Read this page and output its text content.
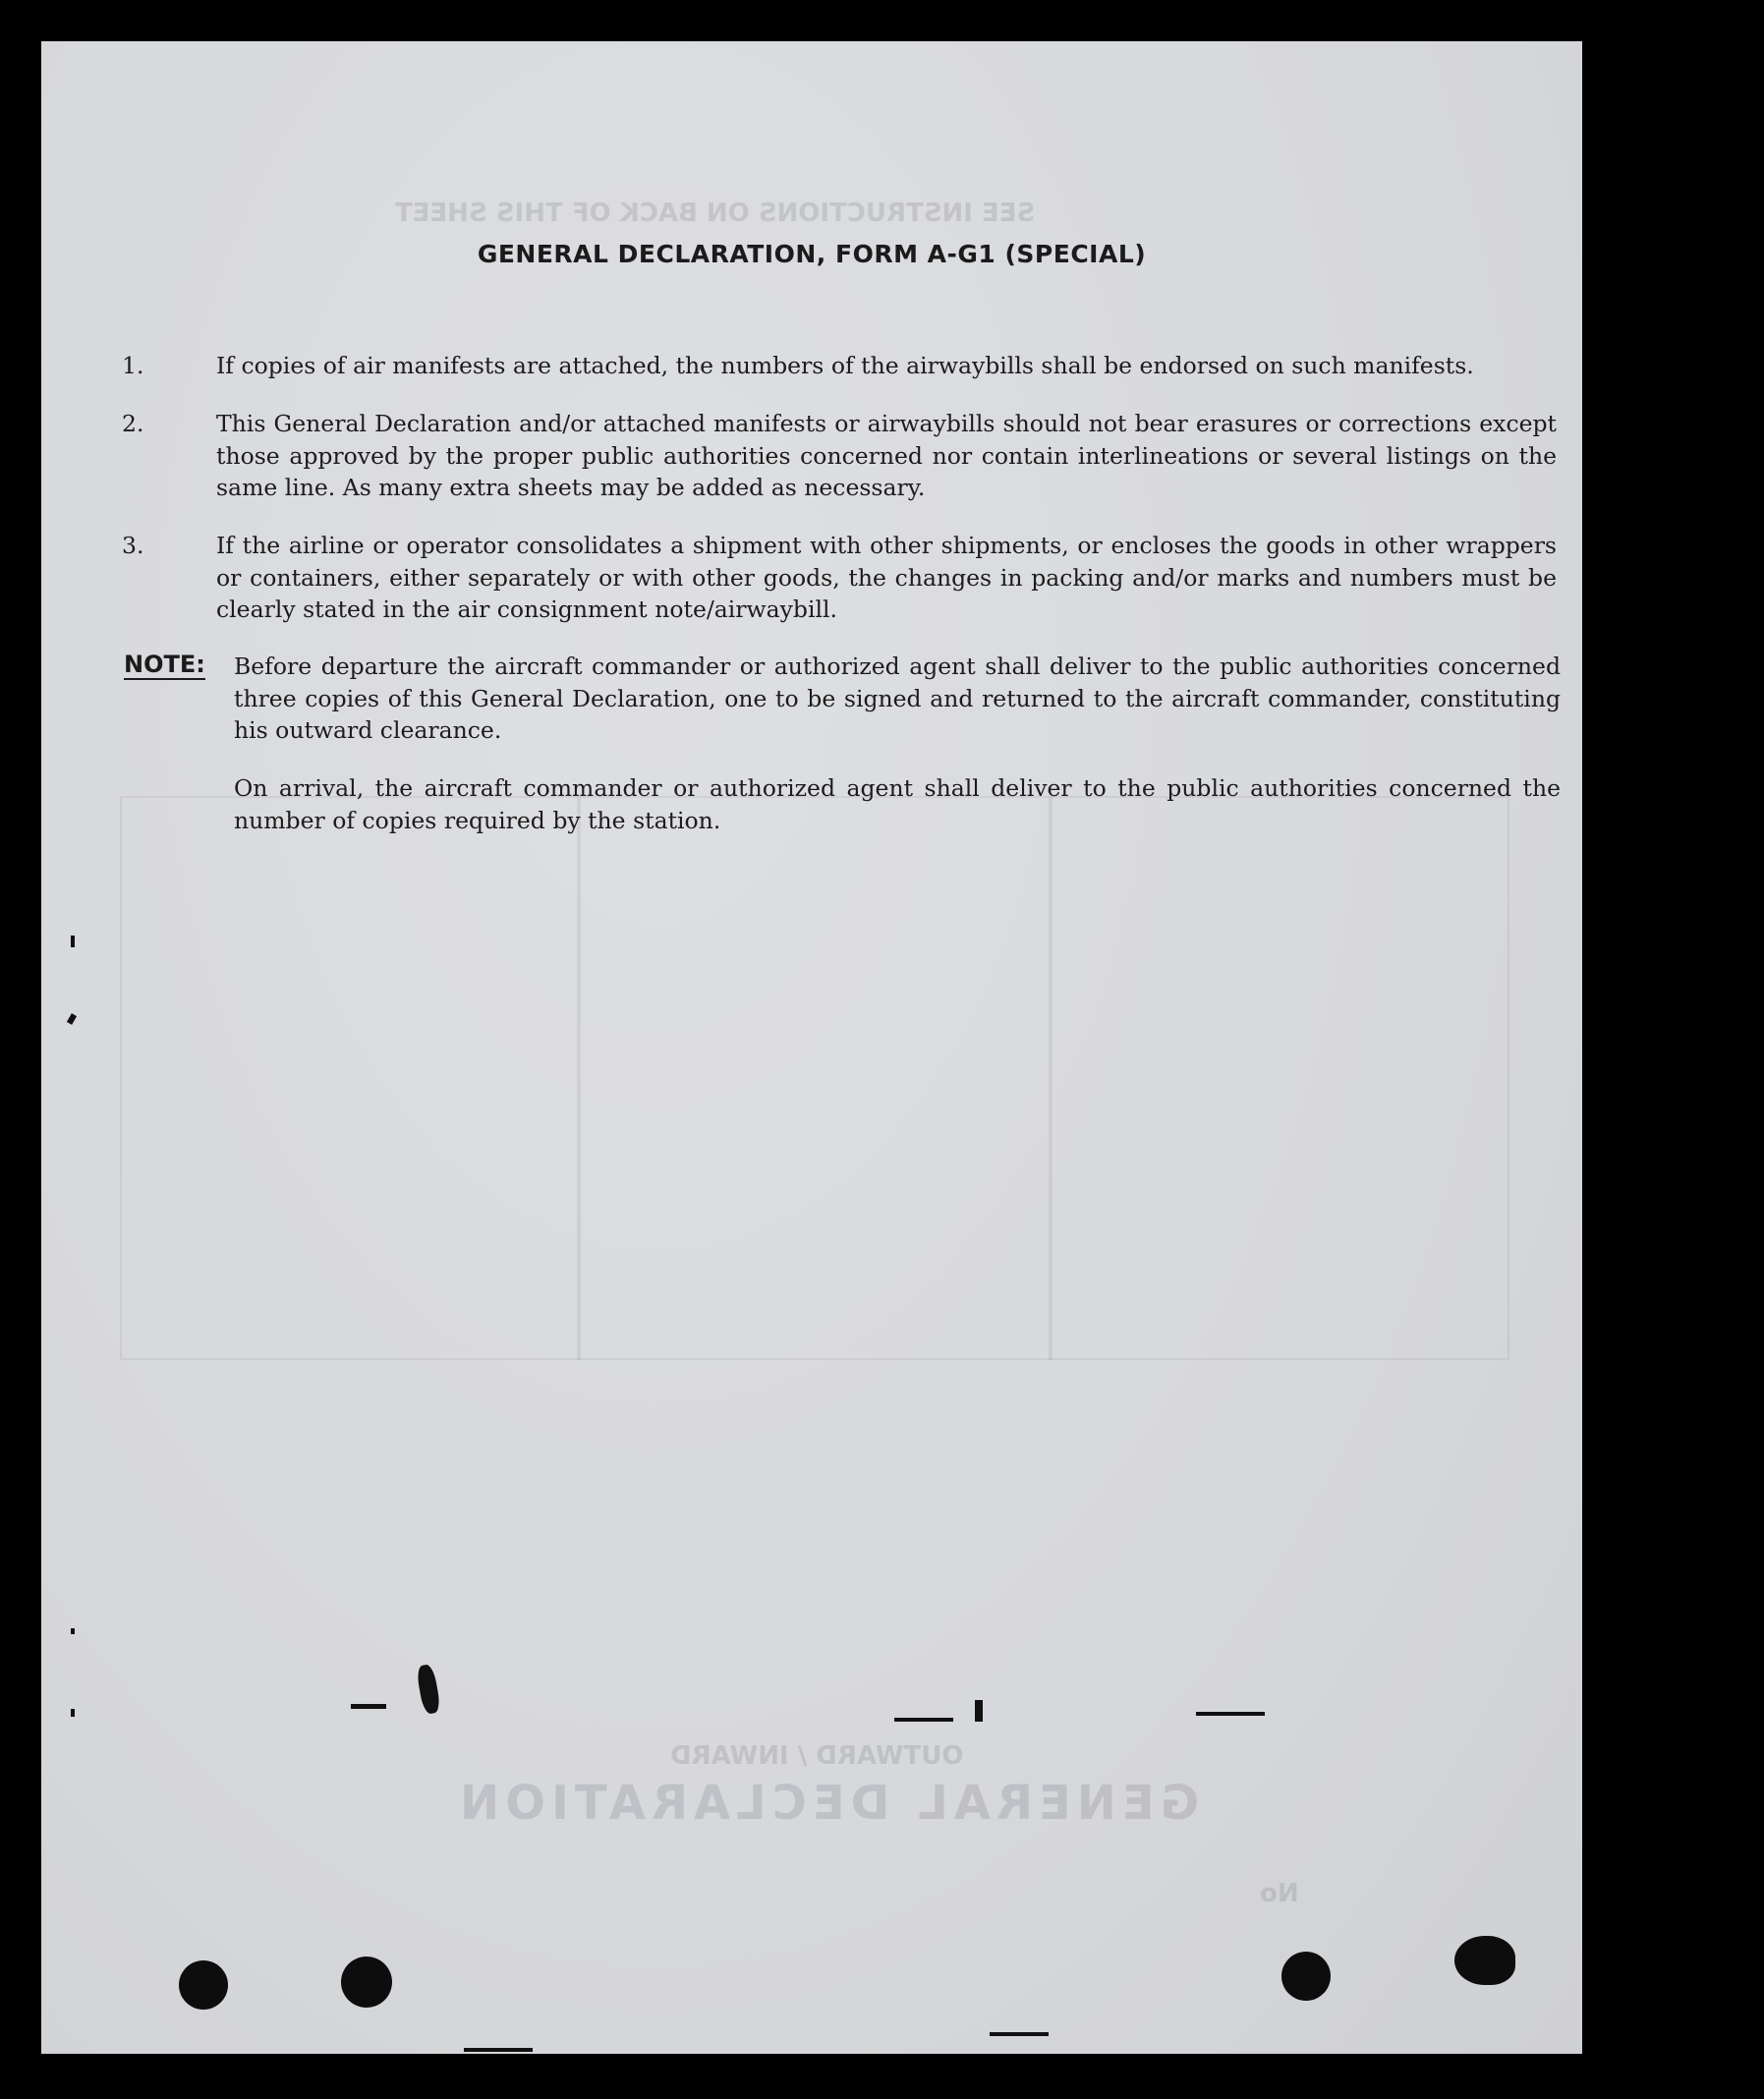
SEE INSTRUCTIONS ON BACK OF THIS SHEET
OUTWARD / INWARD
GENERAL DECLARATION
No
GENERAL DECLARATION, FORM A-G1 (SPECIAL)
1.	If copies of air manifests are attached, the numbers of the airwaybills shall be endorsed on such manifests.
2.	This General Declaration and/or attached manifests or airwaybills should not bear erasures or corrections except those approved by the proper public authorities concerned nor contain interlineations or several listings on the same line. As many extra sheets may be added as necessary.
3.	If the airline or operator consolidates a shipment with other shipments, or encloses the goods in other wrappers or containers, either separately or with other goods, the changes in packing and/or marks and numbers must be clearly stated in the air consignment note/airwaybill.
NOTE: Before departure the aircraft commander or authorized agent shall deliver to the public authorities concerned three copies of this General Declaration, one to be signed and returned to the aircraft commander, constituting his outward clearance.
On arrival, the aircraft commander or authorized agent shall deliver to the public authorities concerned the number of copies required by the station.
